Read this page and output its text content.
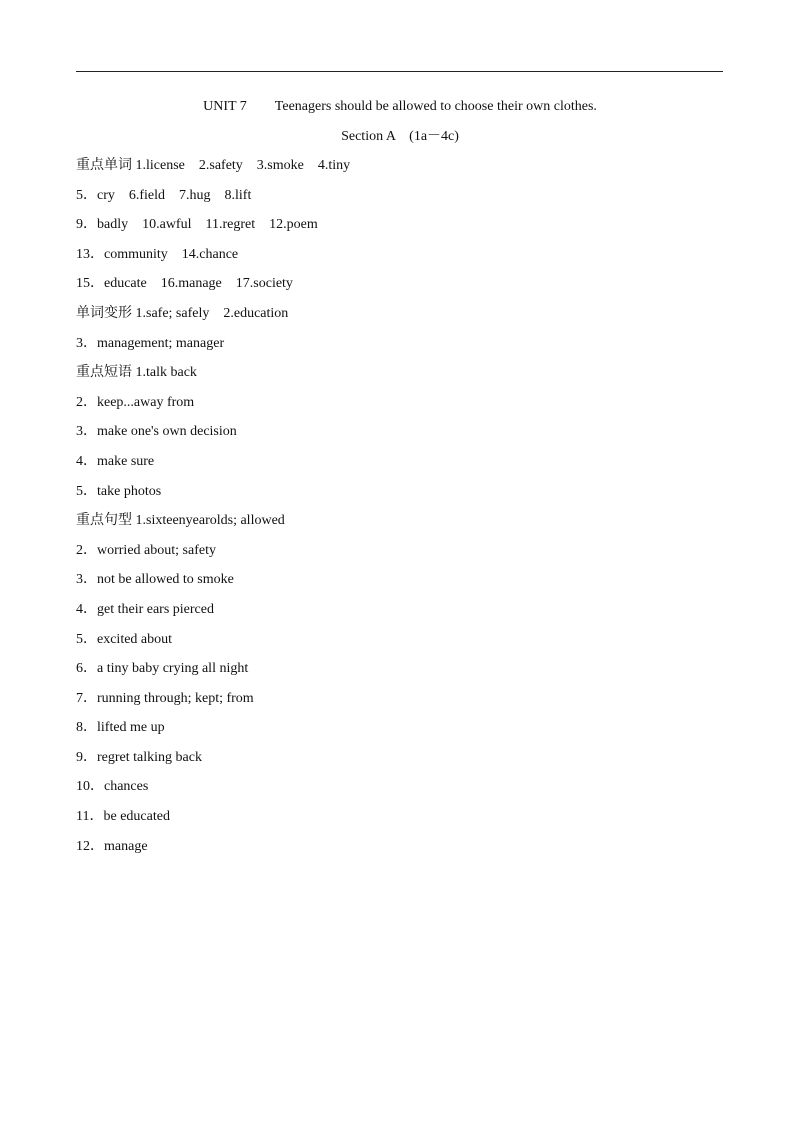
UNIT 7　　Teenagers should be allowed to choose their own clothes.
Section A　(1a－4c)
重点单词 1.license　2.safety　3.smoke　4.tiny
5．cry　6.field　7.hug　8.lift
9．badly　10.awful　11.regret　12.poem
13．community　14.chance
15．educate　16.manage　17.society
单词变形 1.safe; safely　2.education
3．management; manager
重点短语 1.talk back
2．keep...away from
3．make one's own decision
4．make sure
5．take photos
重点句型 1.sixteenyearolds; allowed
2．worried about; safety
3．not be allowed to smoke
4．get their ears pierced
5．excited about
6．a tiny baby crying all night
7．running through; kept; from
8．lifted me up
9．regret talking back
10．chances
11．be educated
12．manage
